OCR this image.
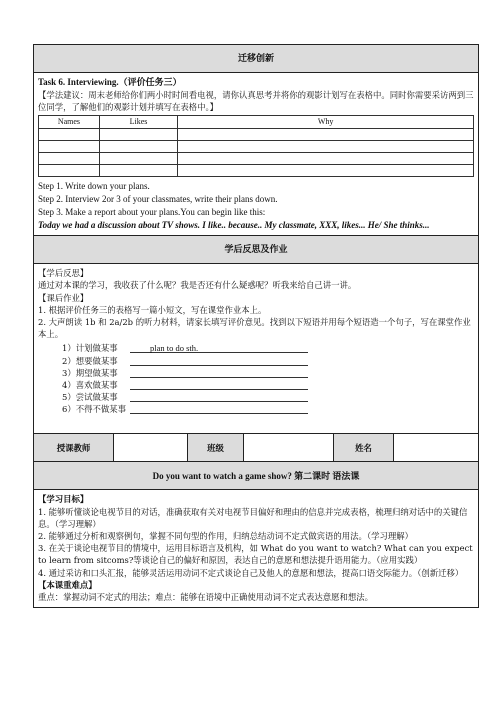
迁移创新
Task 6. Interviewing.（评价任务三）
【学法建议：周末老师给你们两小时时间看电视，请你认真思考并将你的观影计划写在表格中。同时你需要采访两到三位同学，了解他们的观影计划并填写在表格中。】
Names	Likes	Why

Step 1. Write down your plans.
Step 2. Interview 2or 3 of your classmates, write their plans down.
Step 3. Make a report about your plans.You can begin like this:
Today we had a discussion about TV shows. I like.. because.. My classmate, XXX, likes... He/ She thinks...
学后反思及作业
【学后反思】
通过对本课的学习，我收获了什么呢？我是否还有什么疑惑呢？听我来给自己讲一讲。
【课后作业】
1. 根据评价任务三的表格写一篇小短文，写在课堂作业本上。
2. 大声朗读 1b 和 2a/2b 的听力材料，请家长填写评价意见。找到以下短语并用每个短语造一个句子，写在课堂作业本上。
1）计划做某事	plan to do sth.
2）想要做某事
3）期望做某事
4）喜欢做某事
5）尝试做某事
6）不得不做某事
授课教师	班级	姓名
Do you want to watch a game show? 第二课时 语法课
【学习目标】
1. 能够听懂谈论电视节目的对话，准确获取有关对电视节目偏好和理由的信息并完成表格，梳理归纳对话中的关键信息。（学习理解）
2. 能够通过分析和观察例句，掌握不同句型的作用，归纳总结动词不定式做宾语的用法。（学习理解）
3. 在关于谈论电视节目的情境中，运用目标语言及机构，如 What do you want to watch? What can you expect to learn from sitcoms?等谈论自己的偏好和原因，表达自己的意愿和想法提升语用能力。（应用实践）
4. 通过采访和口头汇报，能够灵活运用动词不定式谈论自己及他人的意愿和想法，提高口语交际能力。（创新迁移）
【本课重难点】
重点：掌握动词不定式的用法；难点：能够在语境中正确使用动词不定式表达意愿和想法。
